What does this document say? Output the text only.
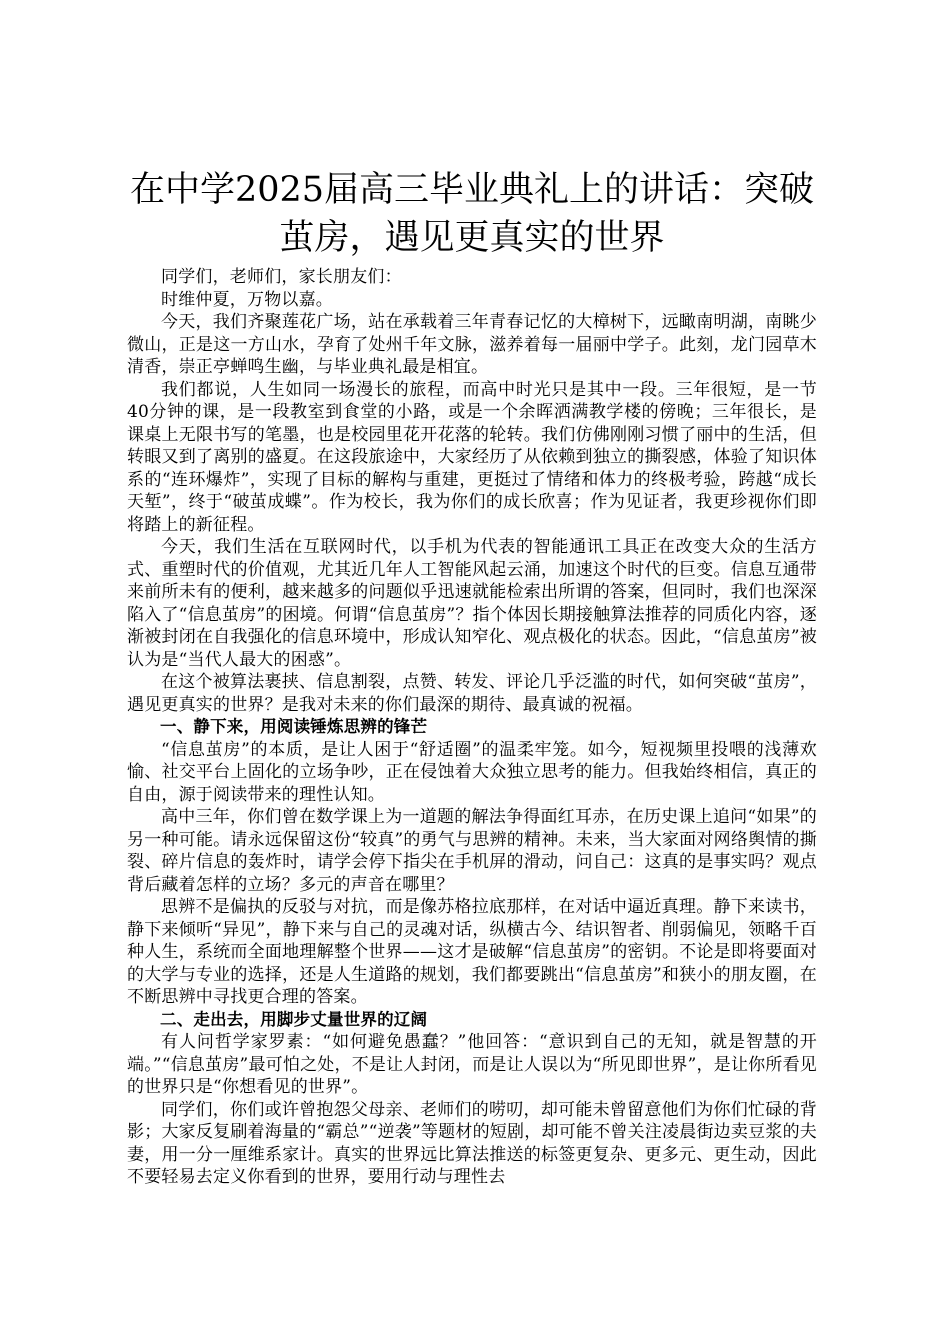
在中学2025届高三毕业典礼上的讲话：突破茧房，遇见更真实的世界

同学们，老师们，家长朋友们：

时维仲夏，万物以嘉。

今天，我们齐聚莲花广场，站在承载着三年青春记忆的大樟树下，远瞰南明湖，南眺少微山，正是这一方山水，孕育了处州千年文脉，滋养着每一届丽中学子。此刻，龙门园草木清香，崇正亭蝉鸣生幽，与毕业典礼最是相宜。

我们都说，人生如同一场漫长的旅程，而高中时光只是其中一段。三年很短，是一节40分钟的课，是一段教室到食堂的小路，或是一个余晖洒满教学楼的傍晚；三年很长，是课桌上无限书写的笔墨，也是校园里花开花落的轮转。我们仿佛刚刚习惯了丽中的生活，但转眼又到了离别的盛夏。在这段旅途中，大家经历了从依赖到独立的撕裂感，体验了知识体系的“连环爆炸”，实现了目标的解构与重建，更挺过了情绪和体力的终极考验，跨越“成长天堑”，终于“破茧成蝶”。作为校长，我为你们的成长欣喜；作为见证者，我更珍视你们即将踏上的新征程。

今天，我们生活在互联网时代，以手机为代表的智能通讯工具正在改变大众的生活方式、重塑时代的价值观，尤其近几年人工智能风起云涌，加速这个时代的巨变。信息互通带来前所未有的便利，越来越多的问题似乎迅速就能检索出所谓的答案，但同时，我们也深深陷入了“信息茧房”的困境。何谓“信息茧房”？指个体因长期接触算法推荐的同质化内容，逐渐被封闭在自我强化的信息环境中，形成认知窄化、观点极化的状态。因此，“信息茧房”被认为是“当代人最大的困惑”。

在这个被算法裹挟、信息割裂，点赞、转发、评论几乎泛滥的时代，如何突破“茧房”，遇见更真实的世界？是我对未来的你们最深的期待、最真诚的祝福。

一、静下来，用阅读锤炼思辨的锋芒

“信息茧房”的本质，是让人困于“舒适圈”的温柔牢笼。如今，短视频里投喂的浅薄欢愉、社交平台上固化的立场争吵，正在侵蚀着大众独立思考的能力。但我始终相信，真正的自由，源于阅读带来的理性认知。

高中三年，你们曾在数学课上为一道题的解法争得面红耳赤，在历史课上追问“如果”的另一种可能。请永远保留这份“较真”的勇气与思辨的精神。未来，当大家面对网络舆情的撕裂、碎片信息的轰炸时，请学会停下指尖在手机屏的滑动，问自己：这真的是事实吗？观点背后藏着怎样的立场？多元的声音在哪里？

思辨不是偏执的反驳与对抗，而是像苏格拉底那样，在对话中逼近真理。静下来读书，静下来倾听“异见”，静下来与自己的灵魂对话，纵横古今、结识智者、削弱偏见，领略千百种人生，系统而全面地理解整个世界——这才是破解“信息茧房”的密钥。不论是即将要面对的大学与专业的选择，还是人生道路的规划，我们都要跳出“信息茧房”和狭小的朋友圈，在不断思辨中寻找更合理的答案。

二、走出去，用脚步丈量世界的辽阔

有人问哲学家罗素：“如何避免愚蠢？”他回答：“意识到自己的无知，就是智慧的开端。”“信息茧房”最可怕之处，不是让人封闭，而是让人误以为“所见即世界”，是让你所看见的世界只是“你想看见的世界”。

同学们，你们或许曾抱怨父母亲、老师们的唠叨，却可能未曾留意他们为你们忙碌的背影；大家反复刷着海量的“霸总”“逆袭”等题材的短剧，却可能不曾关注凌晨街边卖豆浆的夫妻，用一分一厘维系家计。真实的世界远比算法推送的标签更复杂、更多元、更生动，因此不要轻易去定义你看到的世界，要用行动与理性去
